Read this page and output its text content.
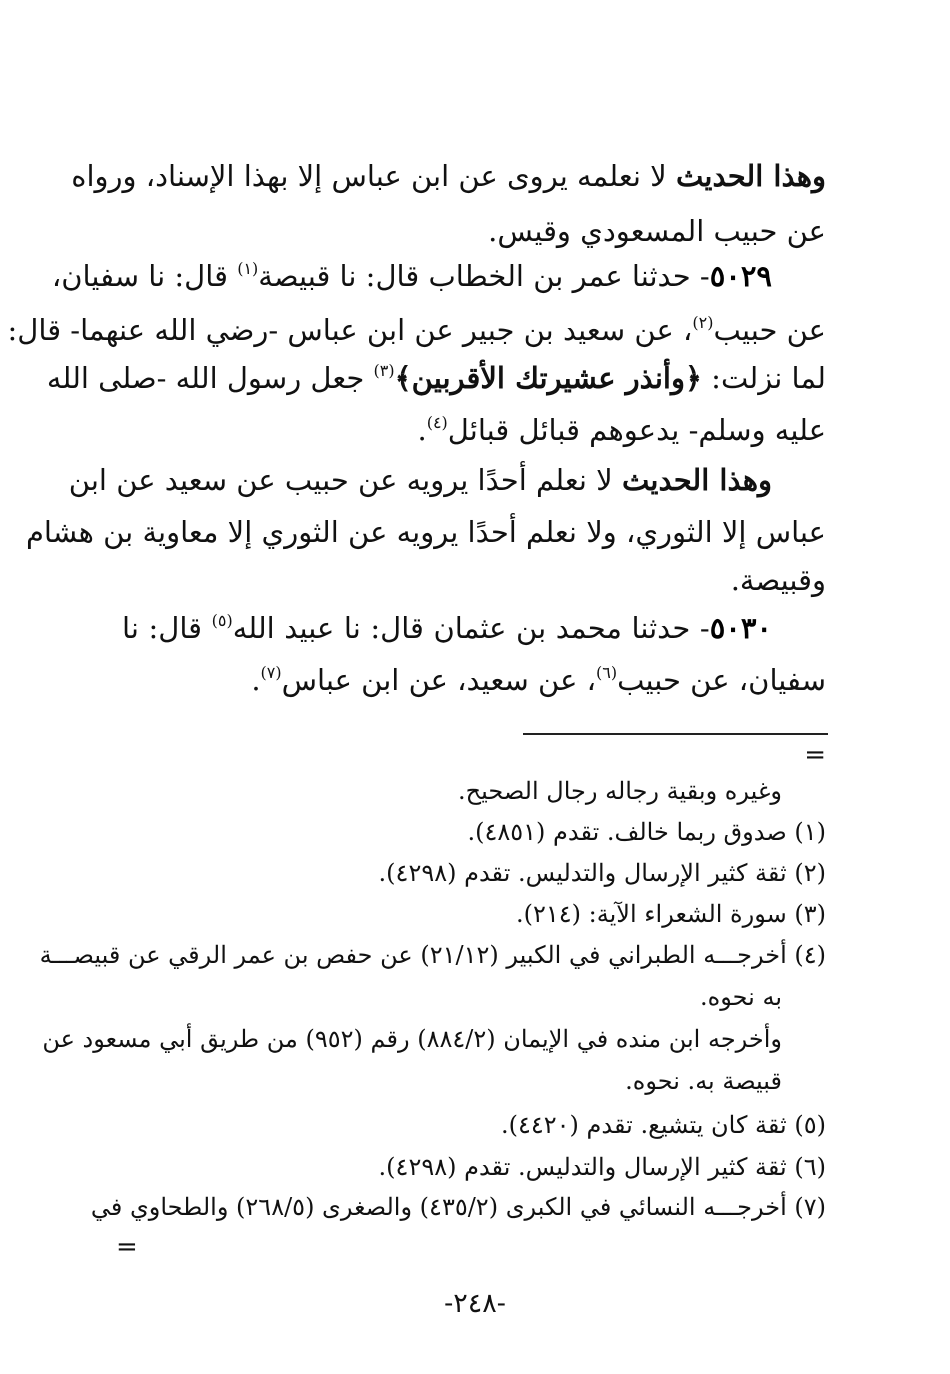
وهذا الحديث لا نعلمه يروى عن ابن عباس إلا بهذا الإسناد، ورواه
عن حبيب المسعودي وقيس.
٥٠٢٩- حدثنا عمر بن الخطاب قال: نا قبيصة$^{(١)}$ قال: نا سفيان،
عن حبيب$^{(٢)}$، عن سعيد بن جبير عن ابن عباس -رضي الله عنهما- قال:
لما نزلت: ﴿وأنذر عشيرتك الأقربين﴾$^{(٣)}$ جعل رسول الله -صلى الله
عليه وسلم- يدعوهم قبائل قبائل$^{(٤)}$.
وهذا الحديث لا نعلم أحدًا يرويه عن حبيب عن سعيد عن ابن
عباس إلا الثوري، ولا نعلم أحدًا يرويه عن الثوري إلا معاوية بن هشام
وقبيصة.
٥٠٣٠- حدثنا محمد بن عثمان قال: نا عبيد الله$^{(٥)}$ قال: نا
سفيان، عن حبيب$^{(٦)}$، عن سعيد، عن ابن عباس$^{(٧)}$.
=
وغيره وبقية رجاله رجال الصحيح.
(١) صدوق ربما خالف. تقدم (٤٨٥١).
(٢) ثقة كثير الإرسال والتدليس. تقدم (٤٢٩٨).
(٣) سورة الشعراء الآية: (٢١٤).
(٤) أخرجـــه الطبراني في الكبير (٢١/١٢) عن حفص بن عمر الرقي عن قبيصـــة
به نحوه.
وأخرجه ابن منده في الإيمان (٨٨٤/٢) رقم (٩٥٢) من طريق أبي مسعود عن
قبيصة به. نحوه.
(٥) ثقة كان يتشيع. تقدم (٤٤٢٠).
(٦) ثقة كثير الإرسال والتدليس. تقدم (٤٢٩٨).
(٧) أخرجـــه النسائي في الكبرى (٤٣٥/٢) والصغرى (٢٦٨/٥) والطحاوي في
=
-٢٤٨-
